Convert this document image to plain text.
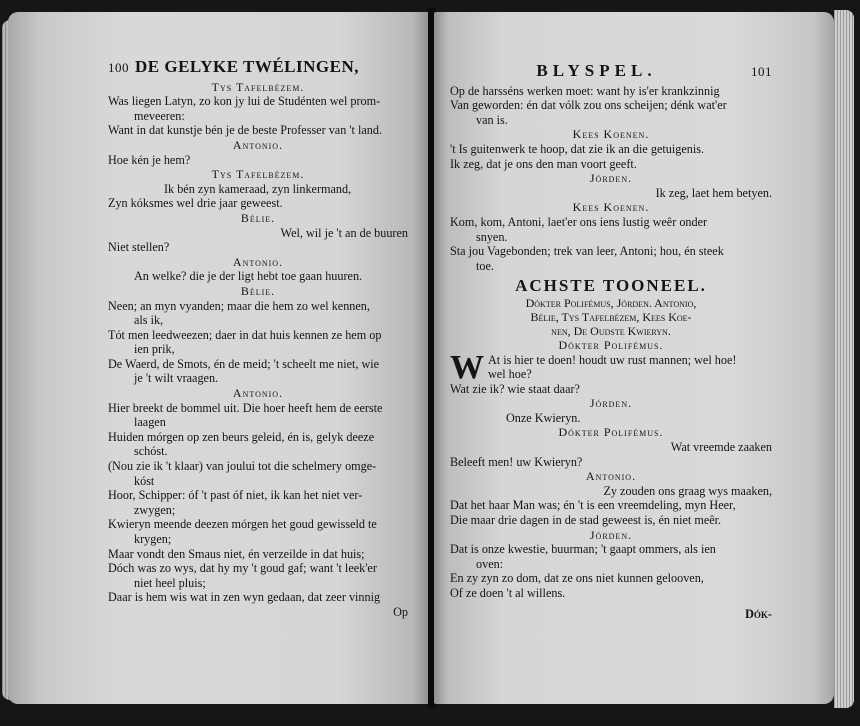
100 DE GELYKE TWÉLINGEN,
Tys Tafelbézem.
Was liegen Latyn, zo kon jy lui de Studénten wel prom-
meveeren:
Want in dat kunstje bén je de beste Professer van 't land.
Antonio.
Hoe kén je hem?
Tys Tafelbézem.
Ik bén zyn kameraad, zyn linkermand,
Zyn kóksmes wel drie jaar geweest.
Bélie.
Wel, wil je 't an de buuren
Niet stellen?
Antonio.
An welke? die je der ligt hebt toe gaan huuren.
Bélie.
Neen; an myn vyanden; maar die hem zo wel kennen,
als ik,
Tót men leedweezen; daer in dat huis kennen ze hem op
ien prik,
De Waerd, de Smots, én de meid; 't scheelt me niet, wie
je 't wilt vraagen.
Antonio.
Hier breekt de bommel uit. Die hoer heeft hem de eerste
laagen
Huiden mórgen op zen beurs geleid, én is, gelyk deeze
schóst.
(Nou zie ik 't klaar) van joului tot die schelmery omge-
kóst
Hoor, Schipper: óf 't past óf niet, ik kan het niet ver-
zwygen;
Kwieryn meende deezen mórgen het goud gewisseld te
krygen;
Maar vondt den Smaus niet, én verzeilde in dat huis;
Dóch was zo wys, dat hy my 't goud gaf; want 't leek'er
niet heel pluis;
Daar is hem wis wat in zen wyn gedaan, dat zeer vinnig
Op
BLYSPEL.	101
Op de harsséns werken moet: want hy is'er krankzinnig
Van geworden: én dat vólk zou ons scheijen; dénk wat'er
van is.
Kees Koenen.
't Is guitenwerk te hoop, dat zie ik an die getuigenis.
Ik zeg, dat je ons den man voort geeft.
Jórden.
Ik zeg, laet hem betyen.
Kees Koenen.
Kom, kom, Antoni, laet'er ons iens lustig weêr onder
snyen.
Sta jou Vagebonden; trek van leer, Antoni; hou, én steek
toe.
ACHSTE TOONEEL.
Dókter Poliféмus, Jórden. Antonio,
Bélie, Tys Tafelbézem, Kees Koe-
nen, De Oudste Kwieryn.
Dókter Polifémus.
W At is hier te doen! houdt uw rust mannen; wel hoe!
wel hoe?
Wat zie ik? wie staat daar?
Jórden.
Onze Kwieryn.
Dókter Polifémus.
Wat vreemde zaaken
Beleeft men! uw Kwieryn?
Antonio.
Zy zouden ons graag wys maaken,
Dat het haar Man was; én 't is een vreemdeling, myn Heer,
Die maar drie dagen in de stad geweest is, én niet meêr.
Jórden.
Dat is onze kwestie, buurman; 't gaapt ommers, als ien
oven:
En zy zyn zo dom, dat ze ons niet kunnen gelooven,
Of ze doen 't al willens.
Dók-
